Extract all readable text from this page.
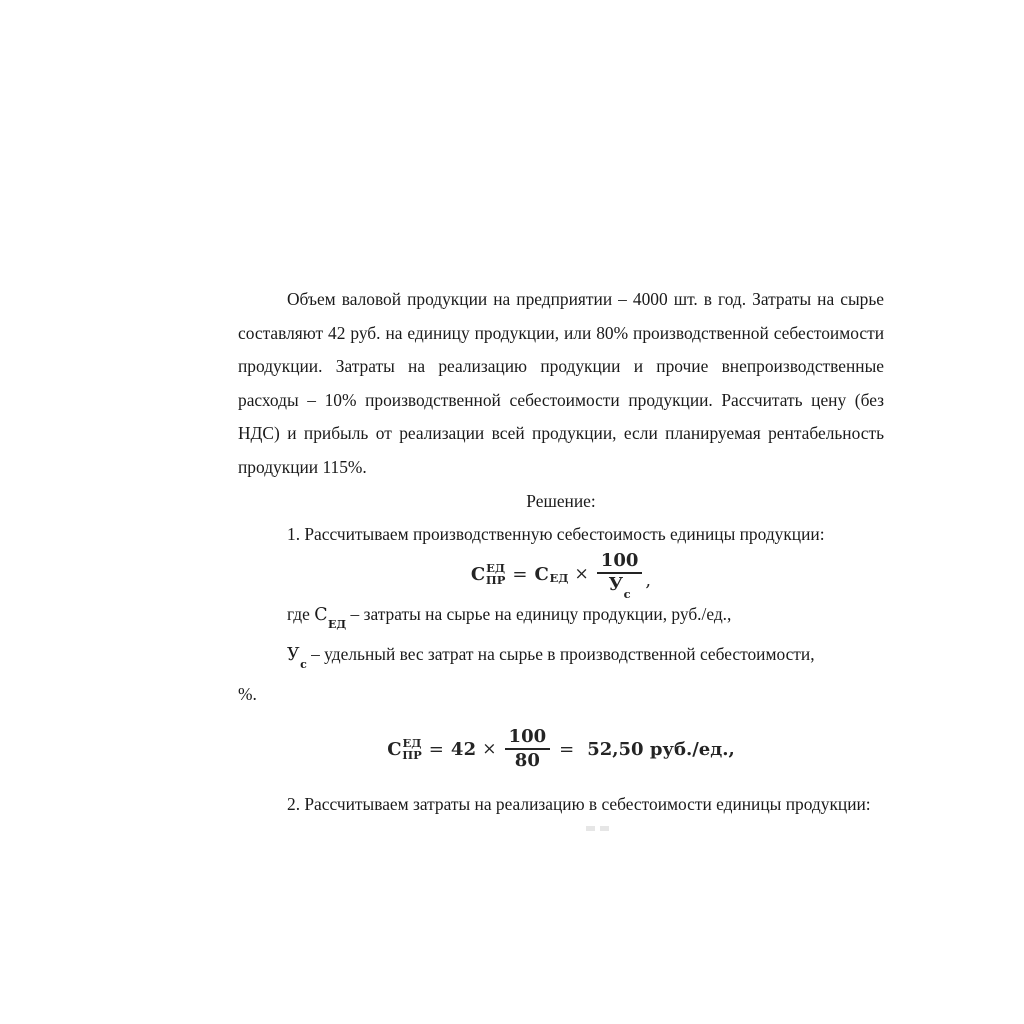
Объем валовой продукции на предприятии – 4000 шт. в год. Затраты на сырье составляют 42 руб. на единицу продукции, или 80% производственной себестоимости продукции. Затраты на реализацию продукции и прочие внепроизводственные расходы – 10% производственной себестоимости продукции. Рассчитать цену (без НДС) и прибыль от реализации всей продукции, если планируемая рентабельность продукции 115%.

Решение:

1. Рассчитываем производственную себестоимость единицы продукции:

C ЕД
ПР = С ЕД × $\frac{100}{У_с}$ ,

где $С_{ЕД}$ – затраты на сырье на единицу продукции, руб./ед.,

$У_с$ – удельный вес затрат на сырье в производственной себестоимости,

%.

C ЕД
ПР = $42 \times \frac{100}{80} = 52,50$ руб./ед.,

2. Рассчитываем затраты на реализацию в себестоимости единицы продукции:
